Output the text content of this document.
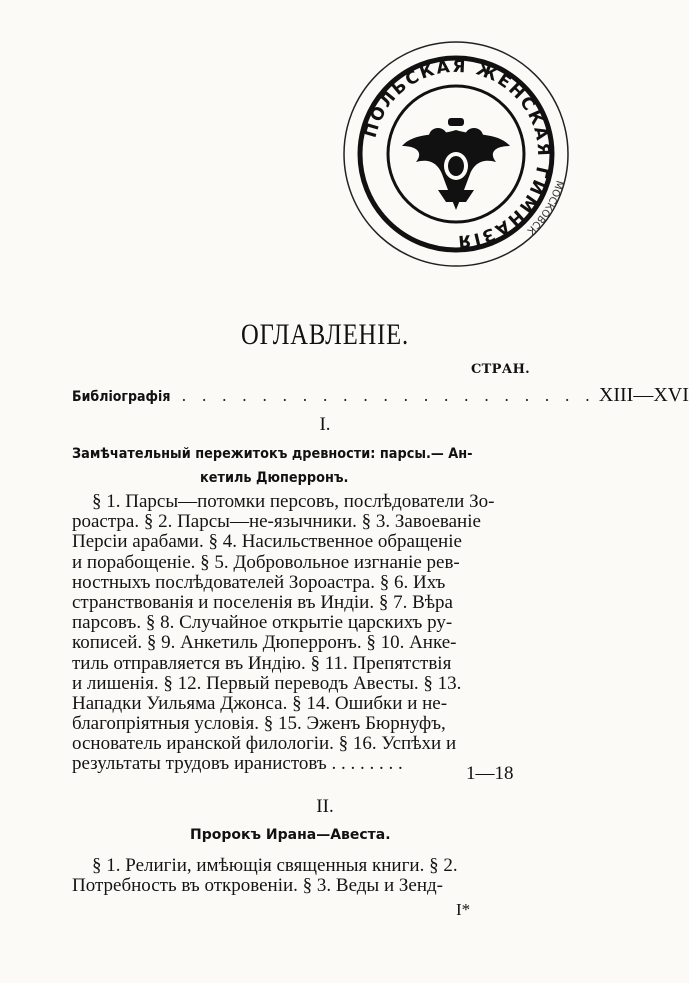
МОСКОВСК
ПОЛЬСКАЯ ЖЕНСКАЯ ГИМНАЗІЯ
ОГЛАВЛЕНІЕ.
СТРАН.
Библіографія . . . . . . . . . . . . . . . . . . . . . XIII—XVI
I.
Замѣчательный пережитокъ древности: парсы.— Ан-
кетиль Дюперронъ.
§ 1. Парсы—потомки персовъ, послѣдователи Зо-
роастра. § 2. Парсы—не-язычники. § 3. Завоеваніе
Персіи арабами. § 4. Насильственное обращеніе
и порабощеніе. § 5. Добровольное изгнаніе рев-
ностныхъ послѣдователей Зороастра. § 6. Ихъ
странствованія и поселенія въ Индіи. § 7. Вѣра
парсовъ. § 8. Случайное открытіе царскихъ ру-
кописей. § 9. Анкетиль Дюперронъ. § 10. Анке-
тиль отправляется въ Индію. § 11. Препятствія
и лишенія. § 12. Первый переводъ Авесты. § 13.
Нападки Уильяма Джонса. § 14. Ошибки и не-
благопріятныя условія. § 15. Эженъ Бюрнуфъ,
основатель иранской филологіи. § 16. Успѣхи и
результаты трудовъ иранистовъ . . . . . . . .	1—18
II.
Пророкъ Ирана—Авеста.
§ 1. Религіи, имѣющія священныя книги. § 2.
Потребность въ откровеніи. § 3. Веды и Зенд-
I*
